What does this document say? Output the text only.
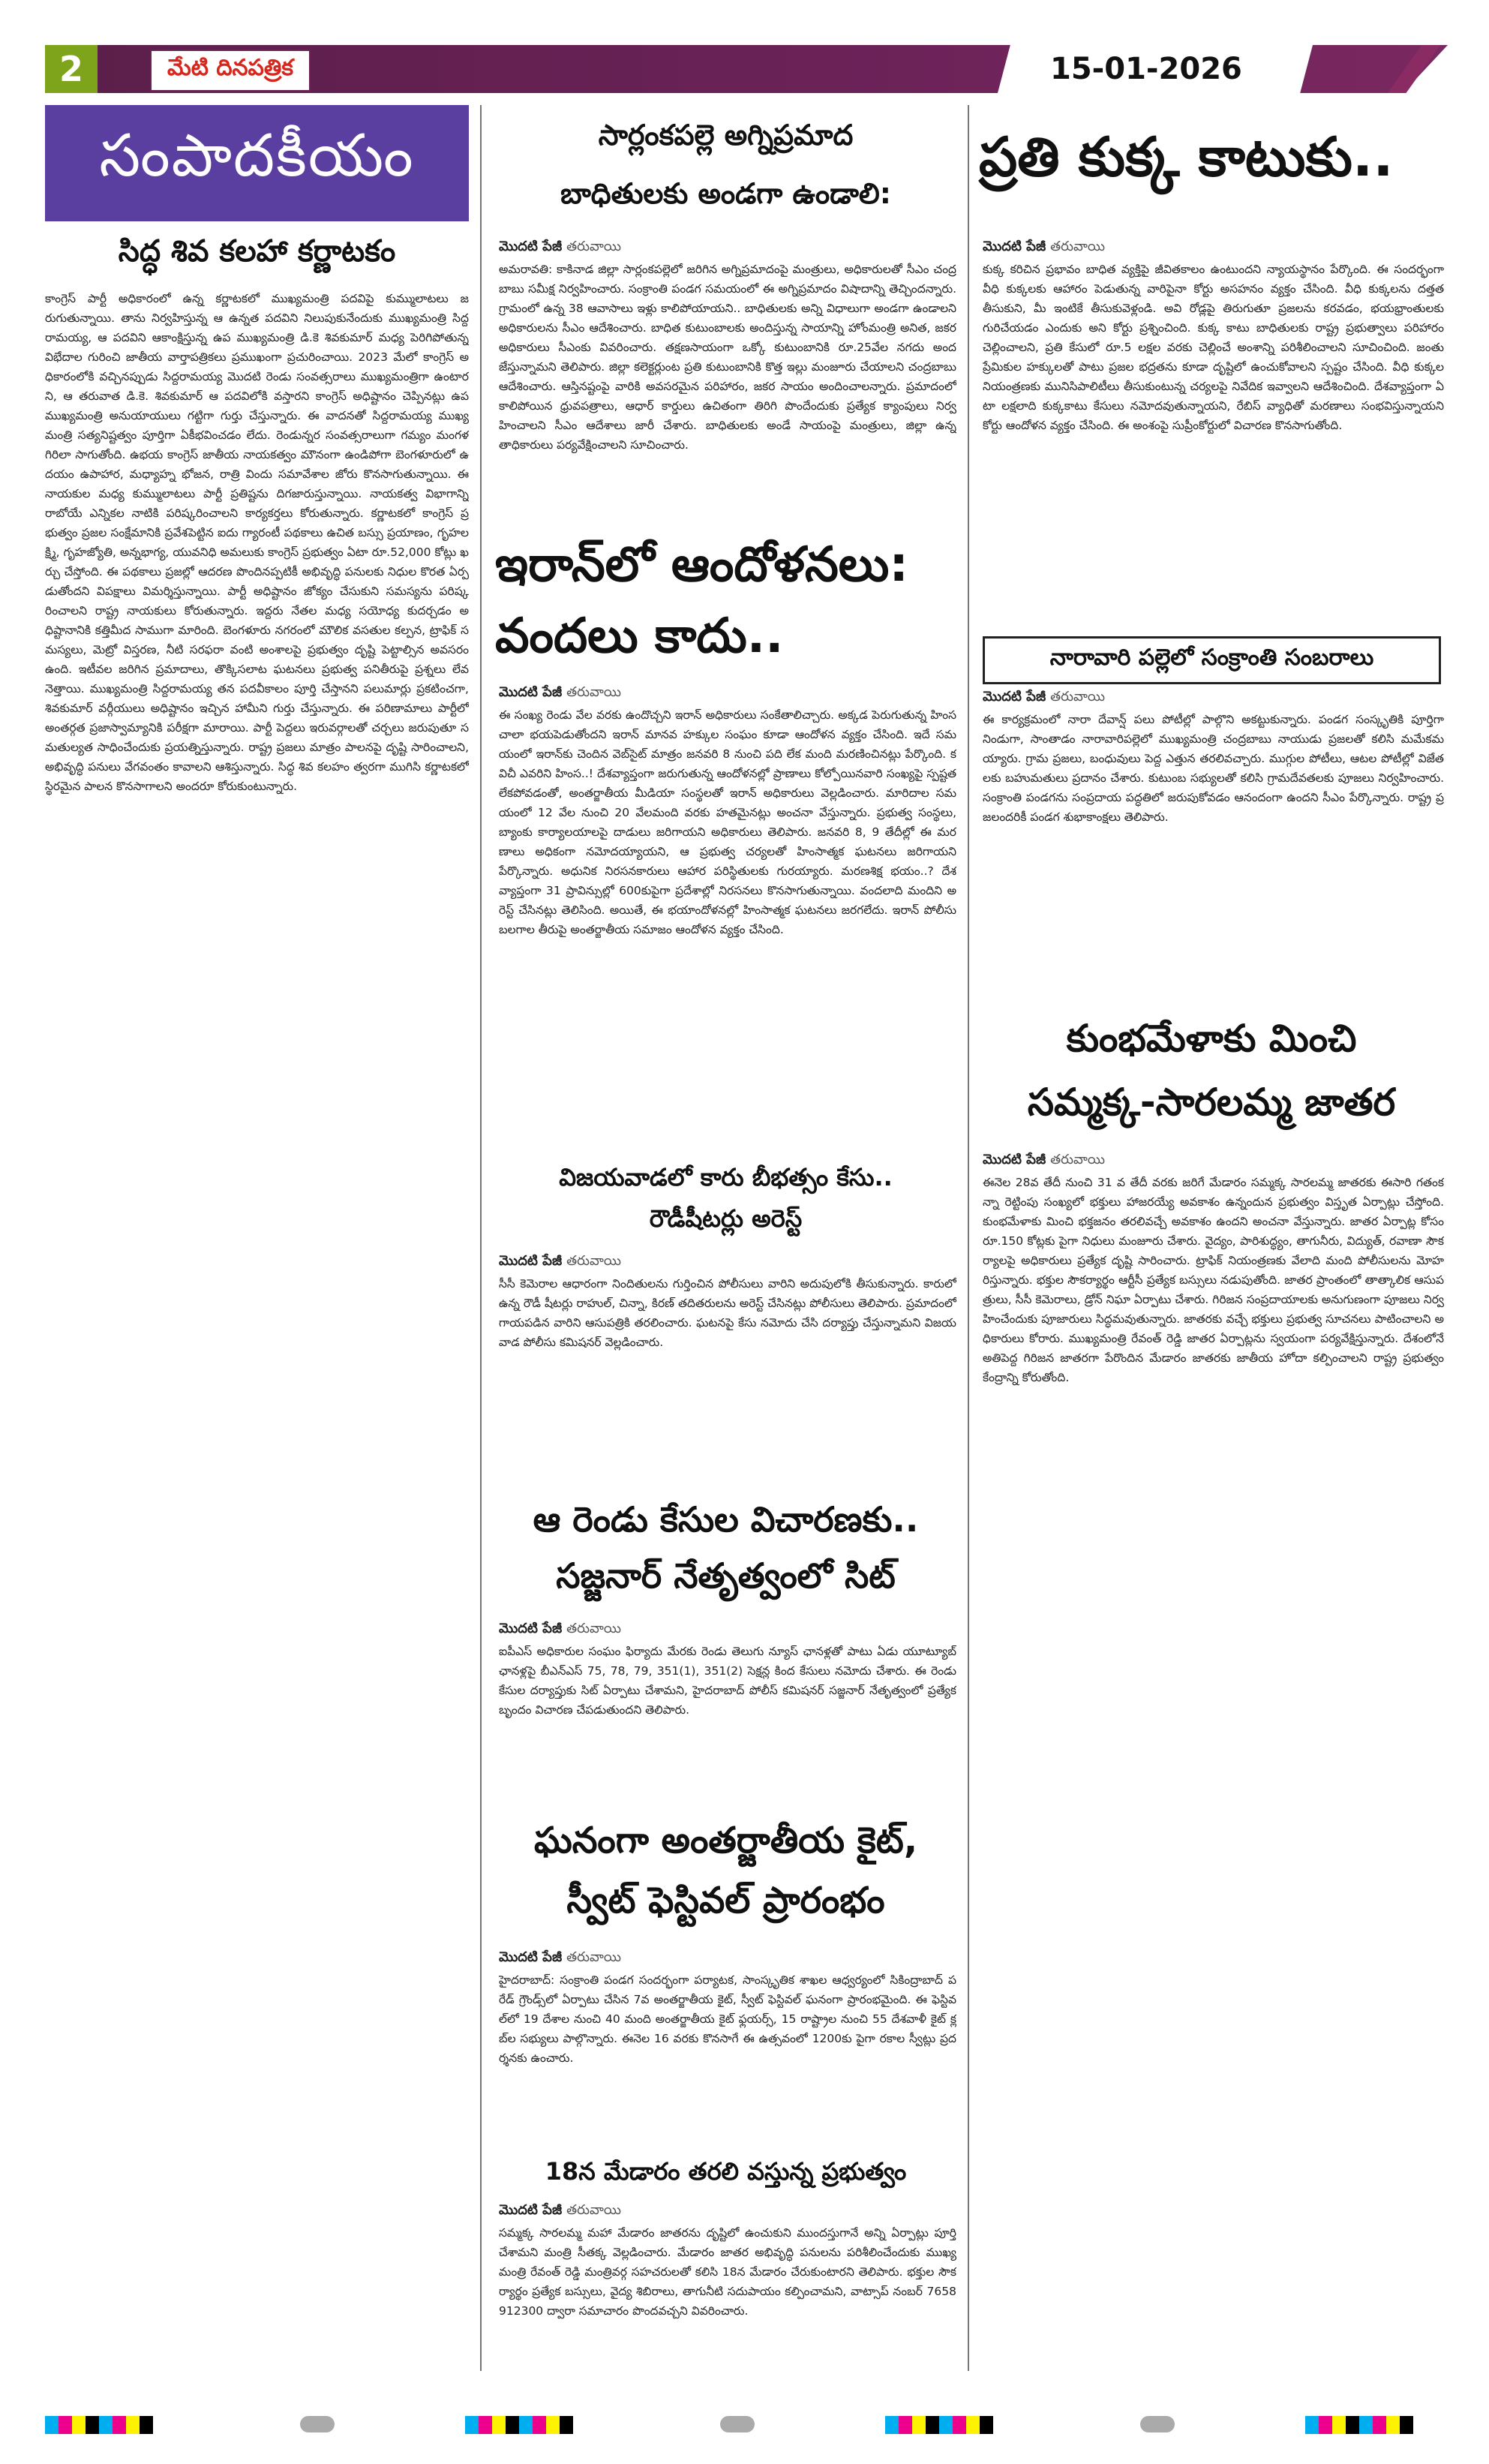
2	మేటి దినపత్రిక	15-01-2026
సంపాదకీయం
సిద్ధ శివ కలహా కర్ణాటకం

కాంగ్రెస్ పార్టీ అధికారంలో ఉన్న కర్ణాటకలో ముఖ్యమంత్రి పదవిపై కుమ్ములాటలు జరుగుతున్నాయి. తాను నిర్వహిస్తున్న ఆ ఉన్నత పదవిని నిలుపుకునేందుకు ముఖ్యమంత్రి సిద్దరామయ్య, ఆ పదవిని ఆకాంక్షిస్తున్న ఉప ముఖ్యమంత్రి డి.కె శివకుమార్ మధ్య పెరిగిపోతున్న విభేదాల గురించి జాతీయ వార్తాపత్రికలు ప్రముఖంగా ప్రచురించాయి. 2023 మేలో కాంగ్రెస్ అధికారంలోకి వచ్చినప్పుడు సిద్దరామయ్య మొదటి రెండు సంవత్సరాలు ముఖ్యమంత్రిగా ఉంటారని, ఆ తరువాత డి.కె. శివకుమార్ ఆ పదవిలోకి వస్తారని కాంగ్రెస్ అధిష్టానం చెప్పినట్లు ఉప ముఖ్యమంత్రి అనుయాయులు గట్టిగా గుర్తు చేస్తున్నారు. ఈ వాదనతో సిద్దరామయ్య ముఖ్యమంత్రి సత్యనిష్టత్వం పూర్తిగా ఏకీభవించడం లేదు. రెండున్నర సంవత్సరాలుగా గమ్యం మంగళగిరిలా సాగుతోంది. ఉభయ కాంగ్రెస్ జాతీయ నాయకత్వం మౌనంగా ఉండిపోగా బెంగళూరులో ఉదయం ఉపాహార, మధ్యాహ్న భోజన, రాత్రి విందు సమావేశాల జోరు కొనసాగుతున్నాయి. ఈ నాయకుల మధ్య కుమ్ములాటలు పార్టీ ప్రతిష్టను దిగజారుస్తున్నాయి. నాయకత్వ విభాగాన్ని రాబోయే ఎన్నికల నాటికి పరిష్కరించాలని కార్యకర్తలు కోరుతున్నారు. కర్ణాటకలో కాంగ్రెస్ ప్రభుత్వం ప్రజల సంక్షేమానికి ప్రవేశపెట్టిన ఐదు గ్యారంటీ పథకాలు ఉచిత బస్సు ప్రయాణం, గృహలక్ష్మి, గృహజ్యోతి, అన్నభాగ్య, యువనిధి అమలుకు కాంగ్రెస్ ప్రభుత్వం ఏటా రూ.52,000 కోట్లు ఖర్చు చేస్తోంది. ఈ పథకాలు ప్రజల్లో ఆదరణ పొందినప్పటికీ అభివృద్ధి పనులకు నిధుల కొరత ఏర్పడుతోందని విపక్షాలు విమర్శిస్తున్నాయి. పార్టీ అధిష్టానం జోక్యం చేసుకుని సమస్యను పరిష్కరించాలని రాష్ట్ర నాయకులు కోరుతున్నారు. ఇద్దరు నేతల మధ్య సయోధ్య కుదర్చడం అధిష్టానానికి కత్తిమీద సాముగా మారింది. బెంగళూరు నగరంలో మౌలిక వసతుల కల్పన, ట్రాఫిక్ సమస్యలు, మెట్రో విస్తరణ, నీటి సరఫరా వంటి అంశాలపై ప్రభుత్వం దృష్టి పెట్టాల్సిన అవసరం ఉంది. ఇటీవల జరిగిన ప్రమాదాలు, తొక్కిసలాట ఘటనలు ప్రభుత్వ పనితీరుపై ప్రశ్నలు లేవనెత్తాయి. ముఖ్యమంత్రి సిద్దరామయ్య తన పదవీకాలం పూర్తి చేస్తానని పలుమార్లు ప్రకటించగా, శివకుమార్ వర్గీయులు అధిష్టానం ఇచ్చిన హామీని గుర్తు చేస్తున్నారు. ఈ పరిణామాలు పార్టీలో అంతర్గత ప్రజాస్వామ్యానికి పరీక్షగా మారాయి. పార్టీ పెద్దలు ఇరువర్గాలతో చర్చలు జరుపుతూ సమతుల్యత సాధించేందుకు ప్రయత్నిస్తున్నారు. రాష్ట్ర ప్రజలు మాత్రం పాలనపై దృష్టి సారించాలని, అభివృద్ధి పనులు వేగవంతం కావాలని ఆశిస్తున్నారు. సిద్ధ శివ కలహం త్వరగా ముగిసి కర్ణాటకలో స్థిరమైన పాలన కొనసాగాలని అందరూ కోరుకుంటున్నారు.

సార్లంకపల్లె అగ్నిప్రమాద
బాధితులకు అండగా ఉండాలి:
మొదటి పేజీ తరువాయి

అమరావతి: కాకినాడ జిల్లా సార్లంకపల్లెలో జరిగిన అగ్నిప్రమాదంపై మంత్రులు, అధికారులతో సీఎం చంద్రబాబు సమీక్ష నిర్వహించారు. సంక్రాంతి పండగ సమయంలో ఈ అగ్నిప్రమాదం విషాదాన్ని తెచ్చిందన్నారు. గ్రామంలో ఉన్న 38 ఆవాసాలు ఇళ్లు కాలిపోయాయని.. బాధితులకు అన్ని విధాలుగా అండగా ఉండాలని అధికారులను సీఎం ఆదేశించారు. బాధిత కుటుంబాలకు అందిస్తున్న సాయాన్ని హోంమంత్రి అనిత, జకర అధికారులు సీఎంకు వివరించారు. తక్షణసాయంగా ఒక్కో కుటుంబానికి రూ.25వేల నగదు అందజేస్తున్నామని తెలిపారు. జిల్లా కలెక్టర్లుంట ప్రతి కుటుంబానికి కొత్త ఇల్లు మంజూరు చేయాలని చంద్రబాబు ఆదేశించారు. ఆస్తినష్టంపై వారికి అవసరమైన పరిహారం, జకర సాయం అందించాలన్నారు. ప్రమాదంలో కాలిపోయిన ధ్రువపత్రాలు, ఆధార్ కార్డులు ఉచితంగా తిరిగి పొందేందుకు ప్రత్యేక క్యాంపులు నిర్వహించాలని సీఎం ఆదేశాలు జారీ చేశారు. బాధితులకు అండే సాయంపై మంత్రులు, జిల్లా ఉన్నతాధికారులు పర్యవేక్షించాలని సూచించారు.

ఇరాన్‌లో ఆందోళనలు:
వందలు కాదు..
మొదటి పేజీ తరువాయి

ఈ సంఖ్య రెండు వేల వరకు ఉందొచ్చని ఇరాన్ అధికారులు సంకేతాలిచ్చారు. అక్కడ పెరుగుతున్న హింస చాలా భయపెడుతోందని ఇరాన్ మానవ హక్కుల సంఘం కూడా ఆందోళన వ్యక్తం చేసింది. ఇదే సమయంలో ఇరాన్‌కు చెందిన వెబ్‌సైట్ మాత్రం జనవరి 8 నుంచి పది లేక మంది మరణించినట్లు పేర్కొంది. కవిచీ ఎవరిని హింస..! దేశవ్యాప్తంగా జరుగుతున్న ఆందోళనల్లో ప్రాణాలు కోల్పోయినవారి సంఖ్యపై స్పష్టత లేకపోవడంతో, అంతర్జాతీయ మీడియా సంస్థలతో ఇరాన్ అధికారులు వెల్లడించారు. మారిదాల సమయంలో 12 వేల నుంచి 20 వేలమంది వరకు హతమైనట్లు అంచనా వేస్తున్నారు. ప్రభుత్వ సంస్థలు, బ్యాంకు కార్యాలయాలపై దాడులు జరిగాయని అధికారులు తెలిపారు. జనవరి 8, 9 తేదీల్లో ఈ మరణాలు అధికంగా నమోదయ్యాయని, ఆ ప్రభుత్వ చర్యలతో హింసాత్మక ఘటనలు జరిగాయని పేర్కొన్నారు. అధునిక నిరసనకారులు ఆహార పరిస్థితులకు గురయ్యారు. మరణశిక్ష భయం..? దేశవ్యాప్తంగా 31 ప్రావిన్సుల్లో 600కుపైగా ప్రదేశాల్లో నిరసనలు కొనసాగుతున్నాయి. వందలాది మందిని అరెస్ట్ చేసినట్లు తెలిసింది. అయితే, ఈ భయాందోళనల్లో హింసాత్మక ఘటనలు జరగలేదు. ఇరాన్ పోలీసు బలగాల తీరుపై అంతర్జాతీయ సమాజం ఆందోళన వ్యక్తం చేసింది.

విజయవాడలో కారు బీభత్సం కేసు..
రౌడీషీటర్లు అరెస్ట్
మొదటి పేజీ తరువాయి

సీసీ కెమెరాల ఆధారంగా నిందితులను గుర్తించిన పోలీసులు వారిని అదుపులోకి తీసుకున్నారు. కారులో ఉన్న రౌడీ షీటర్లు రాహుల్, చిన్నా, కిరణ్ తదితరులను అరెస్ట్ చేసినట్లు పోలీసులు తెలిపారు. ప్రమాదంలో గాయపడిన వారిని ఆసుపత్రికి తరలించారు. ఘటనపై కేసు నమోదు చేసి దర్యాప్తు చేస్తున్నామని విజయవాడ పోలీసు కమిషనర్ వెల్లడించారు.

ఆ రెండు కేసుల విచారణకు..
సజ్జనార్ నేతృత్వంలో సిట్
మొదటి పేజీ తరువాయి

ఐపీఎస్ అధికారుల సంఘం ఫిర్యాదు మేరకు రెండు తెలుగు న్యూస్ ఛానళ్లతో పాటు ఏడు యూట్యూబ్ ఛానళ్లపై బీఎన్ఎస్ 75, 78, 79, 351(1), 351(2) సెక్షన్ల కింద కేసులు నమోదు చేశారు. ఈ రెండు కేసుల దర్యాప్తుకు సిట్ ఏర్పాటు చేశామని, హైదరాబాద్ పోలీస్ కమిషనర్ సజ్జనార్ నేతృత్వంలో ప్రత్యేక బృందం విచారణ చేపడుతుందని తెలిపారు.

ఘనంగా అంతర్జాతీయ కైట్,
స్వీట్ ఫెస్టివల్ ప్రారంభం
మొదటి పేజీ తరువాయి

హైదరాబాద్: సంక్రాంతి పండగ సందర్భంగా పర్యాటక, సాంస్కృతిక శాఖల ఆధ్వర్యంలో సికింద్రాబాద్ పరేడ్ గ్రౌండ్స్‌లో ఏర్పాటు చేసిన 7వ అంతర్జాతీయ కైట్, స్వీట్ ఫెస్టివల్ ఘనంగా ప్రారంభమైంది. ఈ ఫెస్టివల్‌లో 19 దేశాల నుంచి 40 మంది అంతర్జాతీయ కైట్ ఫ్లయర్స్, 15 రాష్ట్రాల నుంచి 55 దేశవాళీ కైట్ క్లబ్‌ల సభ్యులు పాల్గొన్నారు. ఈనెల 16 వరకు కొనసాగే ఈ ఉత్సవంలో 1200కు పైగా రకాల స్వీట్లు ప్రదర్శనకు ఉంచారు.

18న మేడారం తరలి వస్తున్న ప్రభుత్వం
మొదటి పేజీ తరువాయి

సమ్మక్క సారలమ్మ మహా మేడారం జాతరను దృష్టిలో ఉంచుకుని ముందస్తుగానే అన్ని ఏర్పాట్లు పూర్తి చేశామని మంత్రి సీతక్క వెల్లడించారు. మేడారం జాతర అభివృద్ధి పనులను పరిశీలించేందుకు ముఖ్యమంత్రి రేవంత్ రెడ్డి మంత్రివర్గ సహచరులతో కలిసి 18న మేడారం చేరుకుంటారని తెలిపారు. భక్తుల సౌకర్యార్థం ప్రత్యేక బస్సులు, వైద్య శిబిరాలు, తాగునీటి సదుపాయం కల్పించామని, వాట్సాప్ నంబర్ 7658912300 ద్వారా సమాచారం పొందవచ్చని వివరించారు.

ప్రతి కుక్క కాటుకు..
మొదటి పేజీ తరువాయి

కుక్క కరిచిన ప్రభావం బాధిత వ్యక్తిపై జీవితకాలం ఉంటుందని న్యాయస్థానం పేర్కొంది. ఈ సందర్భంగా వీధి కుక్కలకు ఆహారం పెడుతున్న వారిపైనా కోర్టు అసహనం వ్యక్తం చేసింది. వీధి కుక్కలను దత్తత తీసుకుని, మీ ఇంటికే తీసుకువెళ్లండి. అవి రోడ్లపై తిరుగుతూ ప్రజలను కరవడం, భయభ్రాంతులకు గురిచేయడం ఎందుకు అని కోర్టు ప్రశ్నించింది. కుక్క కాటు బాధితులకు రాష్ట్ర ప్రభుత్వాలు పరిహారం చెల్లించాలని, ప్రతి కేసులో రూ.5 లక్షల వరకు చెల్లించే అంశాన్ని పరిశీలించాలని సూచించింది. జంతు ప్రేమికుల హక్కులతో పాటు ప్రజల భద్రతను కూడా దృష్టిలో ఉంచుకోవాలని స్పష్టం చేసింది. వీధి కుక్కల నియంత్రణకు మునిసిపాలిటీలు తీసుకుంటున్న చర్యలపై నివేదిక ఇవ్వాలని ఆదేశించింది. దేశవ్యాప్తంగా ఏటా లక్షలాది కుక్కకాటు కేసులు నమోదవుతున్నాయని, రేబిస్ వ్యాధితో మరణాలు సంభవిస్తున్నాయని కోర్టు ఆందోళన వ్యక్తం చేసింది. ఈ అంశంపై సుప్రీంకోర్టులో విచారణ కొనసాగుతోంది.

నారావారి పల్లెలో సంక్రాంతి సంబరాలు
మొదటి పేజీ తరువాయి

ఈ కార్యక్రమంలో నారా దేవాన్ష్ పలు పోటీల్లో పాల్గొని అకట్టుకున్నారు. పండగ సంస్కృతికి పూర్తిగా నిండుగా, సాంతాడం నారావారిపల్లెలో ముఖ్యమంత్రి చంద్రబాబు నాయుడు ప్రజలతో కలిసి మమేకమయ్యారు. గ్రామ ప్రజలు, బంధువులు పెద్ద ఎత్తున తరలివచ్చారు. ముగ్గుల పోటీలు, ఆటల పోటీల్లో విజేతలకు బహుమతులు ప్రదానం చేశారు. కుటుంబ సభ్యులతో కలిసి గ్రామదేవతలకు పూజలు నిర్వహించారు. సంక్రాంతి పండగను సంప్రదాయ పద్ధతిలో జరుపుకోవడం ఆనందంగా ఉందని సీఎం పేర్కొన్నారు. రాష్ట్ర ప్రజలందరికీ పండగ శుభాకాంక్షలు తెలిపారు.

కుంభమేళాకు మించి
సమ్మక్క-సారలమ్మ జాతర
మొదటి పేజీ తరువాయి

ఈనెల 28వ తేదీ నుంచి 31 వ తేదీ వరకు జరిగే మేడారం సమ్మక్క సారలమ్మ జాతరకు ఈసారి గతంకన్నా రెట్టింపు సంఖ్యలో భక్తులు హాజరయ్యే అవకాశం ఉన్నందున ప్రభుత్వం విస్తృత ఏర్పాట్లు చేస్తోంది. కుంభమేళాకు మించి భక్తజనం తరలివచ్చే అవకాశం ఉందని అంచనా వేస్తున్నారు. జాతర ఏర్పాట్ల కోసం రూ.150 కోట్లకు పైగా నిధులు మంజూరు చేశారు. వైద్యం, పారిశుద్ధ్యం, తాగునీరు, విద్యుత్, రవాణా సౌకర్యాలపై అధికారులు ప్రత్యేక దృష్టి సారించారు. ట్రాఫిక్ నియంత్రణకు వేలాది మంది పోలీసులను మోహరిస్తున్నారు. భక్తుల సౌకర్యార్థం ఆర్టీసీ ప్రత్యేక బస్సులు నడుపుతోంది. జాతర ప్రాంతంలో తాత్కాలిక ఆసుపత్రులు, సీసీ కెమెరాలు, డ్రోన్ నిఘా ఏర్పాటు చేశారు. గిరిజన సంప్రదాయాలకు అనుగుణంగా పూజలు నిర్వహించేందుకు పూజారులు సిద్ధమవుతున్నారు. జాతరకు వచ్చే భక్తులు ప్రభుత్వ సూచనలు పాటించాలని అధికారులు కోరారు. ముఖ్యమంత్రి రేవంత్ రెడ్డి జాతర ఏర్పాట్లను స్వయంగా పర్యవేక్షిస్తున్నారు. దేశంలోనే అతిపెద్ద గిరిజన జాతరగా పేరొందిన మేడారం జాతరకు జాతీయ హోదా కల్పించాలని రాష్ట్ర ప్రభుత్వం కేంద్రాన్ని కోరుతోంది.
